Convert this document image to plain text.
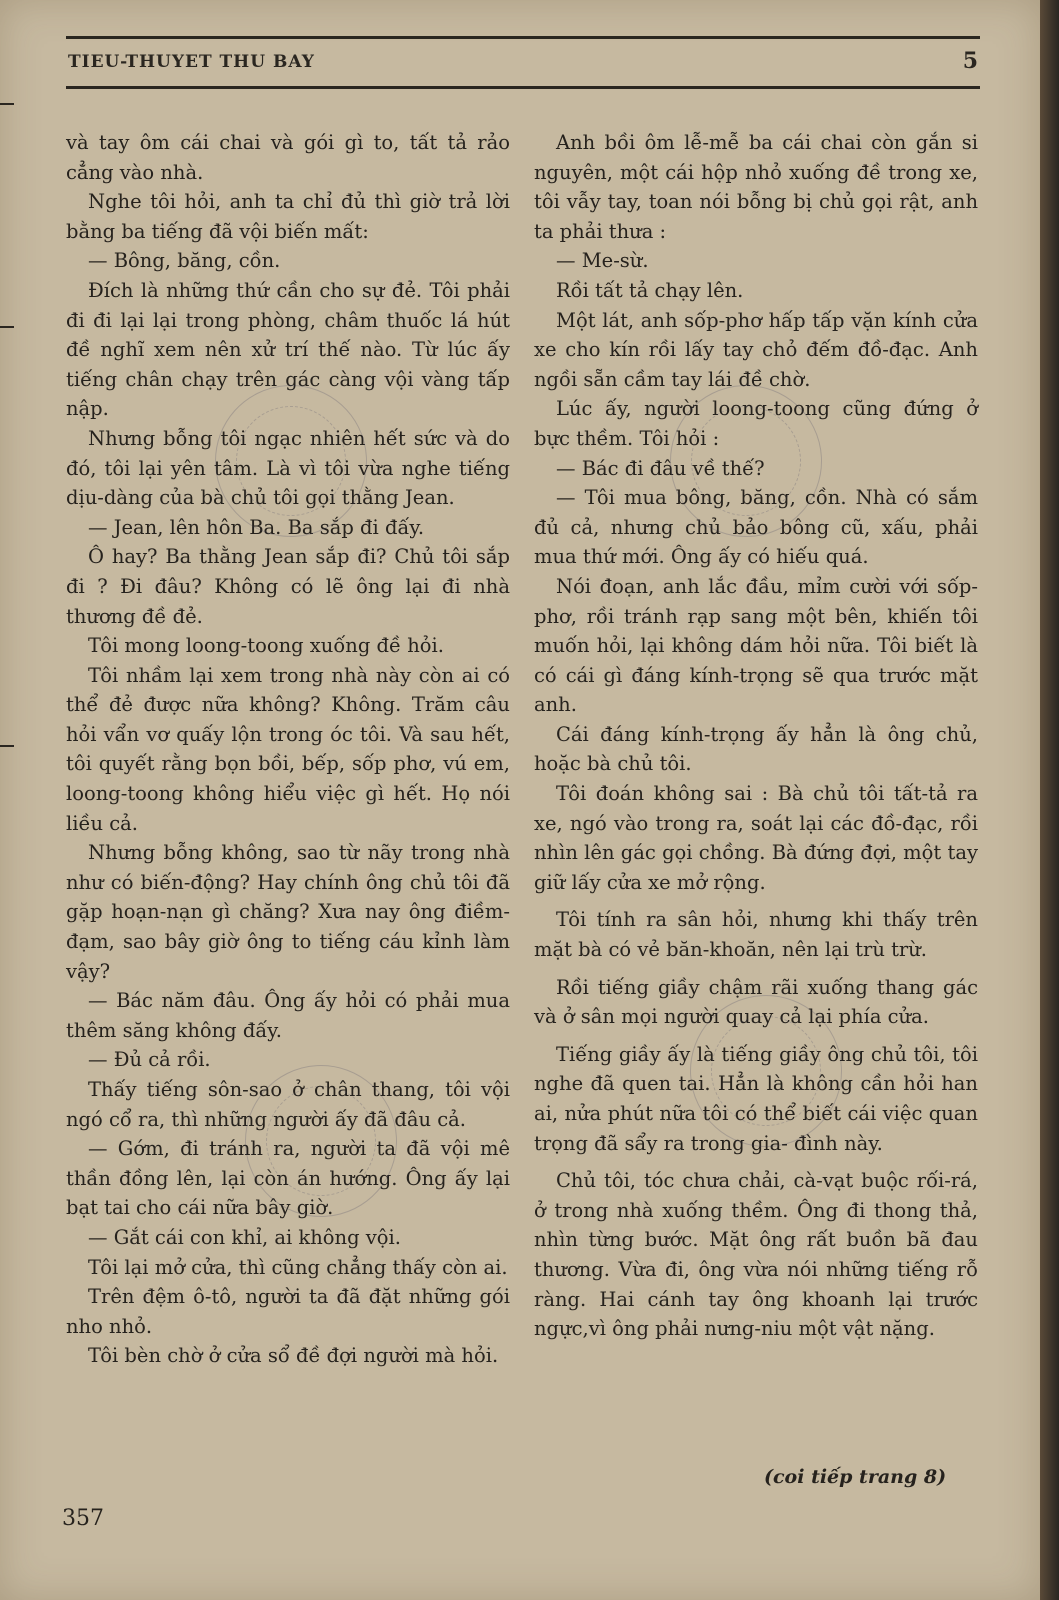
TIEU-THUYET THU BAY	5

và tay ôm cái chai và gói gì to, tất tả rảo cẳng vào nhà.

Nghe tôi hỏi, anh ta chỉ đủ thì giờ trả lời bằng ba tiếng đã vội biến mất:

— Bông, băng, cồn.

Đích là những thứ cần cho sự đẻ. Tôi phải đi đi lại lại trong phòng, châm thuốc lá hút đề nghĩ xem nên xử trí thế nào. Từ lúc ấy tiếng chân chạy trên gác càng vội vàng tấp nập.

Nhưng bỗng tôi ngạc nhiên hết sức và do đó, tôi lại yên tâm. Là vì tôi vừa nghe tiếng dịu-dàng của bà chủ tôi gọi thằng Jean.

— Jean, lên hôn Ba. Ba sắp đi đấy.

Ô hay? Ba thằng Jean sắp đi? Chủ tôi sắp đi ? Đi đâu? Không có lẽ ông lại đi nhà thương đề đẻ.

Tôi mong loong-toong xuống đề hỏi.

Tôi nhầm lại xem trong nhà này còn ai có thể đẻ được nữa không? Không. Trăm câu hỏi vẩn vơ quấy lộn trong óc tôi. Và sau hết, tôi quyết rằng bọn bồi, bếp, sốp phơ, vú em, loong-toong không hiểu việc gì hết. Họ nói liều cả.

Nhưng bỗng không, sao từ nãy trong nhà như có biến-động? Hay chính ông chủ tôi đã gặp hoạn-nạn gì chăng? Xưa nay ông điềm-đạm, sao bây giờ ông to tiếng cáu kỉnh làm vậy?

— Bác năm đâu. Ông ấy hỏi có phải mua thêm săng không đấy.

— Đủ cả rồi.

Thấy tiếng sôn-sao ở chân thang, tôi vội ngó cổ ra, thì những người ấy đã đâu cả.

— Gớm, đi tránh ra, người ta đã vội mê thần đồng lên, lại còn án hướng. Ông ấy lại bạt tai cho cái nữa bây giờ.

— Gắt cái con khỉ, ai không vội.

Tôi lại mở cửa, thì cũng chẳng thấy còn ai.

Trên đệm ô-tô, người ta đã đặt những gói nho nhỏ.

Tôi bèn chờ ở cửa sổ đề đợi người mà hỏi.

Anh bồi ôm lễ-mễ ba cái chai còn gắn si nguyên, một cái hộp nhỏ xuống đề trong xe, tôi vẫy tay, toan nói bỗng bị chủ gọi rật, anh ta phải thưa :

— Me-sừ.

Rồi tất tả chạy lên.

Một lát, anh sốp-phơ hấp tấp vặn kính cửa xe cho kín rồi lấy tay chỏ đếm đồ-đạc. Anh ngồi sẵn cầm tay lái đề chờ.

Lúc ấy, người loong-toong cũng đứng ở bực thềm. Tôi hỏi :

— Bác đi đâu về thế?

— Tôi mua bông, băng, cồn. Nhà có sắm đủ cả, nhưng chủ bảo bông cũ, xấu, phải mua thứ mới. Ông ấy có hiếu quá.

Nói đoạn, anh lắc đầu, mỉm cười với sốp-phơ, rồi tránh rạp sang một bên, khiến tôi muốn hỏi, lại không dám hỏi nữa. Tôi biết là có cái gì đáng kính-trọng sẽ qua trước mặt anh.

Cái đáng kính-trọng ấy hẳn là ông chủ, hoặc bà chủ tôi.

Tôi đoán không sai : Bà chủ tôi tất-tả ra xe, ngó vào trong ra, soát lại các đồ-đạc, rồi nhìn lên gác gọi chồng. Bà đứng đợi, một tay giữ lấy cửa xe mở rộng.

Tôi tính ra sân hỏi, nhưng khi thấy trên mặt bà có vẻ băn-khoăn, nên lại trù trừ.

Rồi tiếng giầy chậm rãi xuống thang gác và ở sân mọi người quay cả lại phía cửa.

Tiếng giầy ấy là tiếng giầy ông chủ tôi, tôi nghe đã quen tai. Hẳn là không cần hỏi han ai, nửa phút nữa tôi có thể biết cái việc quan trọng đã sẩy ra trong gia- đình này.

Chủ tôi, tóc chưa chải, cà-vạt buộc rối-rá, ở trong nhà xuống thềm. Ông đi thong thả, nhìn từng bước. Mặt ông rất buồn bã đau thương. Vừa đi, ông vừa nói những tiếng rỗ ràng. Hai cánh tay ông khoanh lại trước ngực,vì ông phải nưng-niu một vật nặng.

(coi tiếp trang 8)
357
